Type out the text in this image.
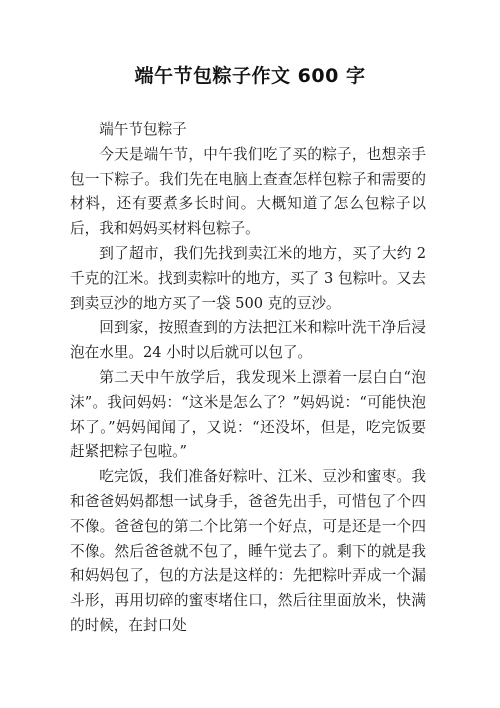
端午节包粽子作文 600 字

端午节包粽子

今天是端午节，中午我们吃了买的粽子，也想亲手包一下粽子。我们先在电脑上查查怎样包粽子和需要的材料，还有要煮多长时间。大概知道了怎么包粽子以后，我和妈妈买材料包粽子。

到了超市，我们先找到卖江米的地方，买了大约 2 千克的江米。找到卖粽叶的地方，买了 3 包粽叶。又去到卖豆沙的地方买了一袋 500 克的豆沙。

回到家，按照查到的方法把江米和粽叶洗干净后浸泡在水里。24 小时以后就可以包了。

第二天中午放学后，我发现米上漂着一层白白“泡沫”。我问妈妈：“这米是怎么了？”妈妈说：“可能快泡坏了。”妈妈闻闻了，又说：“还没坏，但是，吃完饭要赶紧把粽子包啦。”

吃完饭，我们准备好粽叶、江米、豆沙和蜜枣。我和爸爸妈妈都想一试身手，爸爸先出手，可惜包了个四不像。爸爸包的第二个比第一个好点，可是还是一个四不像。然后爸爸就不包了，睡午觉去了。剩下的就是我和妈妈包了，包的方法是这样的：先把粽叶弄成一个漏斗形，再用切碎的蜜枣堵住口，然后往里面放米，快满的时候，在封口处
